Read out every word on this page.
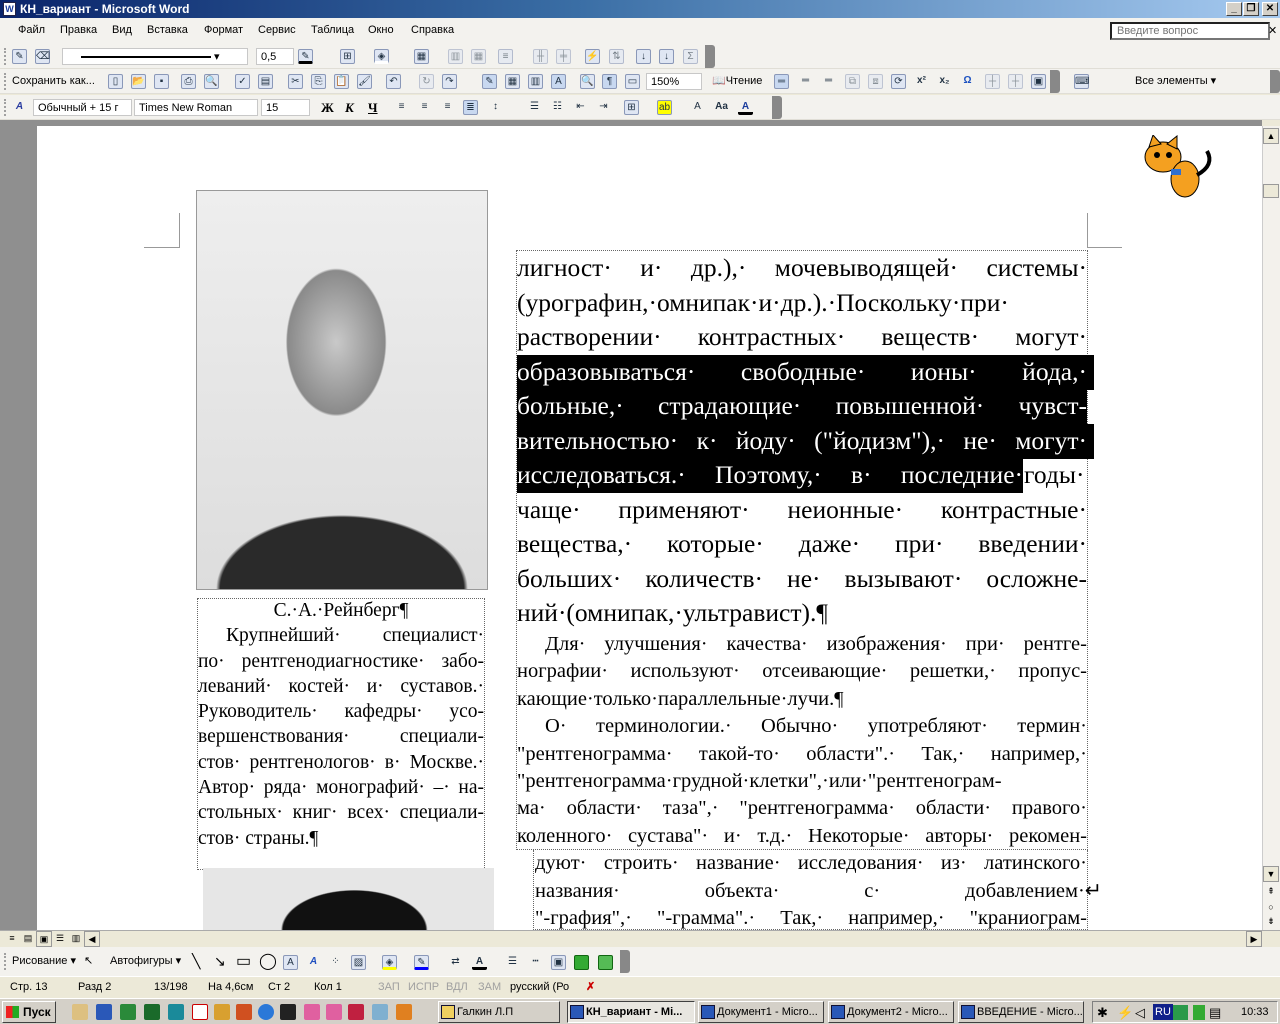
W КН_вариант - Microsoft Word	_ ❐	✕
Файл Правка Вид Вставка Формат Сервис Таблица Окно Справка
Введите вопрос	✕
✎	⌫	▾	0,5	✎	⊞	◈	▦ ▥ ▦	≡	╫	╪	⚡	⇅	↓	↓	Σ
Сохранить как...	▯	📂	▪	⎙	🔍	✓	▤	✂	⎘	📋 🖌	↶	↻	↷	✎	▦ ▥	A	🔍	¶	▭	150%	📖Чтение	═	═	═	⧉	⧈	⟳	x²	x₂	Ω	┼	┼	▣	⌨	Все элементы ▾
A	Обычный + 15 г	Times New Roman	15	Ж К Ч	≡	≡	≡	≣	↕	☰	☷	⇤	⇥	⊞	ab	A	Aa	A
С.·А.·Рейнберг¶
Крупнейший· специалист·
по· рентгенодиагностике· забо-
леваний· костей· и· суставов.·
Руководитель· кафедры· усо-
вершенствования· специали-
стов· рентгенологов· в· Москве.·
Автор· ряда· монографий· –· на-
стольных· книг· всех· специали-
стов· страны.¶
лигност· и· др.),· мочевыводящей· системы·
(урографин,·омнипак·и·др.).·Поскольку·при·
растворении· контрастных· веществ· могут·
образовываться· свободные· ионы· йода,·
больные,· страдающие· повышенной· чувст-
вительностью· к· йоду· ("йодизм"),· не· могут·
исследоваться.· Поэтому,· в· последние· годы·
чаще· применяют· неионные· контрастные·
вещества,· которые· даже· при· введении·
больших· количеств· не· вызывают· осложне-
ний·(омнипак,·ультравист).¶
Для· улучшения· качества· изображения· при· рентге-
нографии· используют· отсеивающие· решетки,· пропус-
кающие·только·параллельные·лучи.¶
О· терминологии.· Обычно· употребляют· термин·
"рентгенограмма· такой-то· области".· Так,· например,·
"рентгенограмма·грудной·клетки",·или·"рентгенограм-
ма· области· таза",· "рентгенограмма· области· правого·
коленного· сустава"· и· т.д.· Некоторые· авторы· рекомен-
дуют· строить· название· исследования· из· латинского·
названия· объекта· с· добавлением·↵
"-графия",· "-грамма".· Так,· например,· "краниограм-
▲
▼
⇞
○
⇟
≡	▤ ▣ ☰ ▥ ◀	▶
Рисование ▾ ↖ Автофигуры ▾ ╲ ↘ ▭ ◯	A	A	⁘	▨	◈	✎	⇄	A	☰	┅	▣
Стр. 13	Разд 2	13/198 На 4,6см Ст 2 Кол 1	ЗАП ИСПР ВДЛ ЗАМ русский (Ро ✗
Пуск	Галкин Л.П	КН_вариант - Mi...	Документ1 - Micro...	Документ2 - Micro...	ВВЕДЕНИЕ - Micro... ✱ ⚡ ◁ RU	▤ 10:33
